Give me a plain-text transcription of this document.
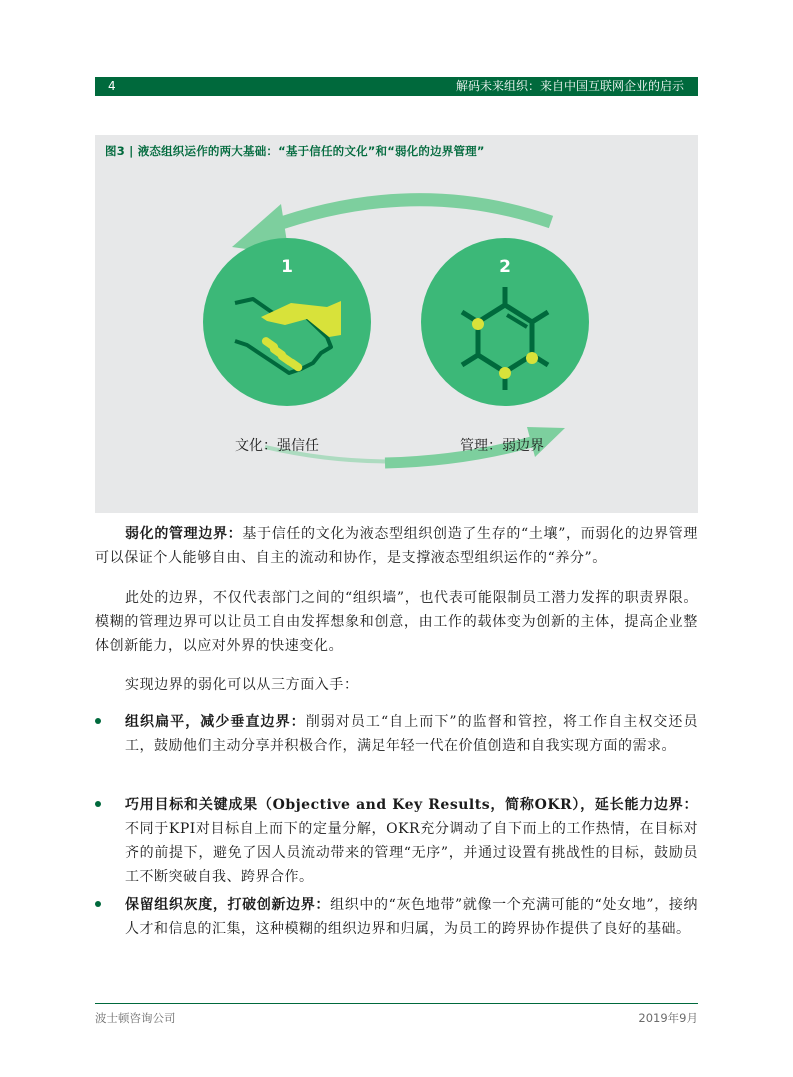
4	解码未来组织：来自中国互联网企业的启示
图3 | 液态组织运作的两大基础：“基于信任的文化”和“弱化的边界管理”
1	2
文化：强信任	管理：弱边界
弱化的管理边界：基于信任的文化为液态型组织创造了生存的“土壤”，而弱化的边界管理可以保证个人能够自由、自主的流动和协作，是支撑液态型组织运作的“养分”。
此处的边界，不仅代表部门之间的“组织墙”，也代表可能限制员工潜力发挥的职责界限。模糊的管理边界可以让员工自由发挥想象和创意，由工作的载体变为创新的主体，提高企业整体创新能力，以应对外界的快速变化。
实现边界的弱化可以从三方面入手：
组织扁平，减少垂直边界：削弱对员工“自上而下”的监督和管控，将工作自主权交还员工，鼓励他们主动分享并积极合作，满足年轻一代在价值创造和自我实现方面的需求。
巧用目标和关键成果（Objective and Key Results，简称OKR），延长能力边界：不同于KPI对目标自上而下的定量分解，OKR充分调动了自下而上的工作热情，在目标对齐的前提下，避免了因人员流动带来的管理“无序”，并通过设置有挑战性的目标，鼓励员工不断突破自我、跨界合作。
保留组织灰度，打破创新边界：组织中的“灰色地带”就像一个充满可能的“处女地”，接纳人才和信息的汇集，这种模糊的组织边界和归属，为员工的跨界协作提供了良好的基础。
波士顿咨询公司	2019年9月
